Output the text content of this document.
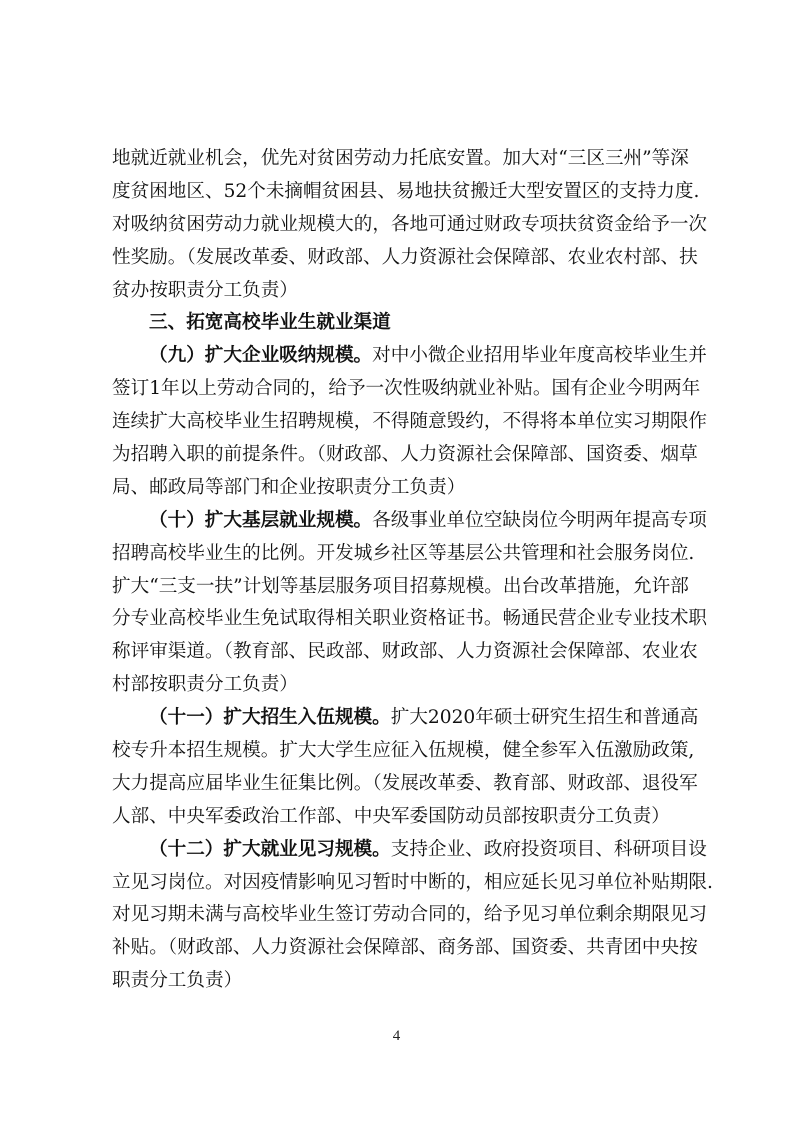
地就近就业机会，优先对贫困劳动力托底安置。加大对“三区三州”等深
度贫困地区、52个未摘帽贫困县、易地扶贫搬迁大型安置区的支持力度.
对吸纳贫困劳动力就业规模大的，各地可通过财政专项扶贫资金给予一次
性奖励。（发展改革委、财政部、人力资源社会保障部、农业农村部、扶
贫办按职责分工负责）
三、拓宽高校毕业生就业渠道
（九）扩大企业吸纳规模。 对中小微企业招用毕业年度高校毕业生并
签订1年以上劳动合同的，给予一次性吸纳就业补贴。国有企业今明两年
连续扩大高校毕业生招聘规模，不得随意毁约，不得将本单位实习期限作
为招聘入职的前提条件。（财政部、人力资源社会保障部、国资委、烟草
局、邮政局等部门和企业按职责分工负责）
（十）扩大基层就业规模。 各级事业单位空缺岗位今明两年提高专项
招聘高校毕业生的比例。开发城乡社区等基层公共管理和社会服务岗位.
扩大“三支一扶”计划等基层服务项目招募规模。出台改革措施，允许部
分专业高校毕业生免试取得相关职业资格证书。畅通民营企业专业技术职
称评审渠道。（教育部、民政部、财政部、人力资源社会保障部、农业农
村部按职责分工负责）
（十一）扩大招生入伍规模。 扩大2020年硕士研究生招生和普通高
校专升本招生规模。扩大大学生应征入伍规模，健全参军入伍激励政策,
大力提高应届毕业生征集比例。（发展改革委、教育部、财政部、退役军
人部、中央军委政治工作部、中央军委国防动员部按职责分工负责）
（十二）扩大就业见习规模。 支持企业、政府投资项目、科研项目设
立见习岗位。对因疫情影响见习暂时中断的，相应延长见习单位补贴期限.
对见习期未满与高校毕业生签订劳动合同的，给予见习单位剩余期限见习
补贴。（财政部、人力资源社会保障部、商务部、国资委、共青团中央按
职责分工负责）
4
